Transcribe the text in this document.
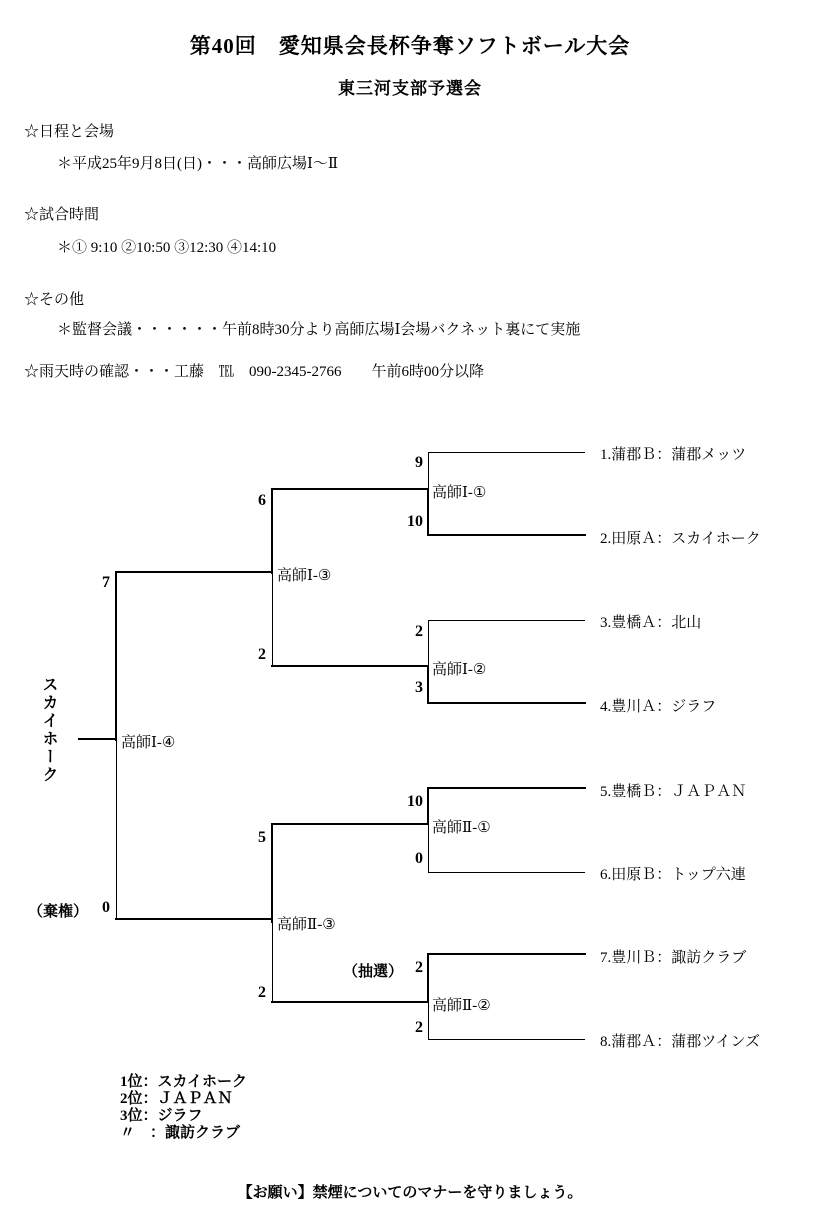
第40回　愛知県会長杯争奪ソフトボール大会
東三河支部予選会
☆日程と会場
＊平成25年9月8日(日)・・・高師広場Ⅰ～Ⅱ
☆試合時間
＊① 9:10 ②10:50 ③12:30 ④14:10
☆その他
＊監督会議・・・・・・午前8時30分より高師広場Ⅰ会場バクネット裏にて実施
☆雨天時の確認・・・工藤　℡　090-2345-2766　　午前6時00分以降
1.蒲郡Ｂ：蒲郡メッツ
2.田原Ａ：スカイホーク
3.豊橋Ａ：北山
4.豊川Ａ：ジラフ
5.豊橋Ｂ：ＪＡＰＡＮ
6.田原Ｂ：トップ六連
7.豊川Ｂ：諏訪クラブ
8.蒲郡Ａ：蒲郡ツインズ
高師Ⅰ-①
高師Ⅰ-②
高師Ⅱ-①
高師Ⅱ-②
高師Ⅰ-③
高師Ⅱ-③
高師Ⅰ-④
9
10
2
3
10
0
2
2
（抽選）
6
2
5
2
7
0
（棄権）
スカイホーク
1位：スカイホーク
2位：ＪＡＰＡＮ
3位：ジラフ
〃　：諏訪クラブ
【お願い】禁煙についてのマナーを守りましょう。
